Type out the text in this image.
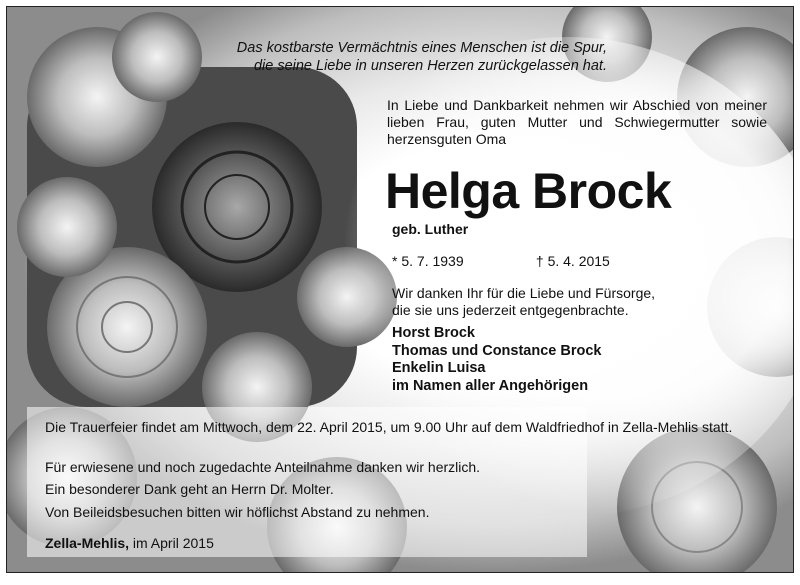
Das kostbarste Vermächtnis eines Menschen ist die Spur,
die seine Liebe in unseren Herzen zurückgelassen hat.

In Liebe und Dankbarkeit nehmen wir Abschied von meiner lieben Frau, guten Mutter und Schwiegermutter sowie herzensguten Oma

Helga Brock
geb. Luther
* 5. 7. 1939	† 5. 4. 2015

Wir danken Ihr für die Liebe und Fürsorge,
die sie uns jederzeit entgegenbrachte.

Horst Brock
Thomas und Constance Brock
Enkelin Luisa
im Namen aller Angehörigen

Die Trauerfeier findet am Mittwoch, dem 22. April 2015, um 9.00 Uhr auf dem Waldfriedhof in Zella-Mehlis statt.

Für erwiesene und noch zugedachte Anteilnahme danken wir herzlich.

Ein besonderer Dank geht an Herrn Dr. Molter.

Von Beileidsbesuchen bitten wir höflichst Abstand zu nehmen.

Zella-Mehlis, im April 2015
